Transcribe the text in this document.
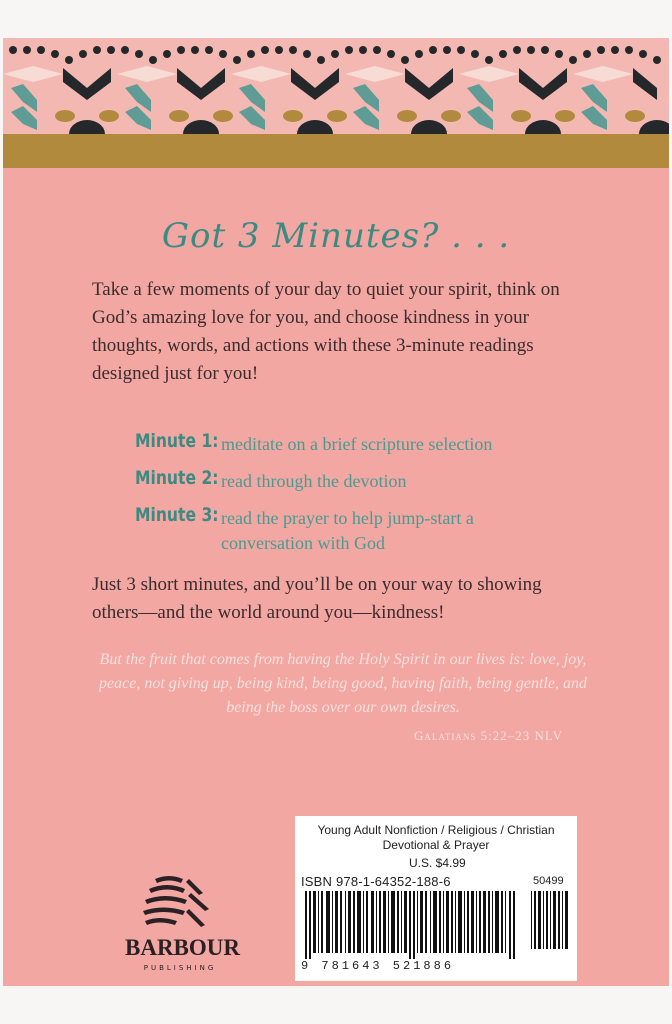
Got 3 Minutes? . . .

Take a few moments of your day to quiet your spirit, think on God’s amazing love for you, and choose kindness in your thoughts, words, and actions with these 3-minute readings designed just for you!

Minute 1: meditate on a brief scripture selection
Minute 2: read through the devotion
Minute 3: read the prayer to help jump-start a conversation with God

Just 3 short minutes, and you’ll be on your way to showing others—and the world around you—kindness!

But the fruit that comes from having the Holy Spirit in our lives is: love, joy, peace, not giving up, being kind, being good, having faith, being gentle, and being the boss over our own desires.

Galatians 5:22–23 NLV
BARBOUR
PUBLISHING
Young Adult Nonfiction / Religious / Christian Devotional & Prayer
U.S. $4.99
ISBN 978-1-64352-188-6	50499
9 781643 521886
